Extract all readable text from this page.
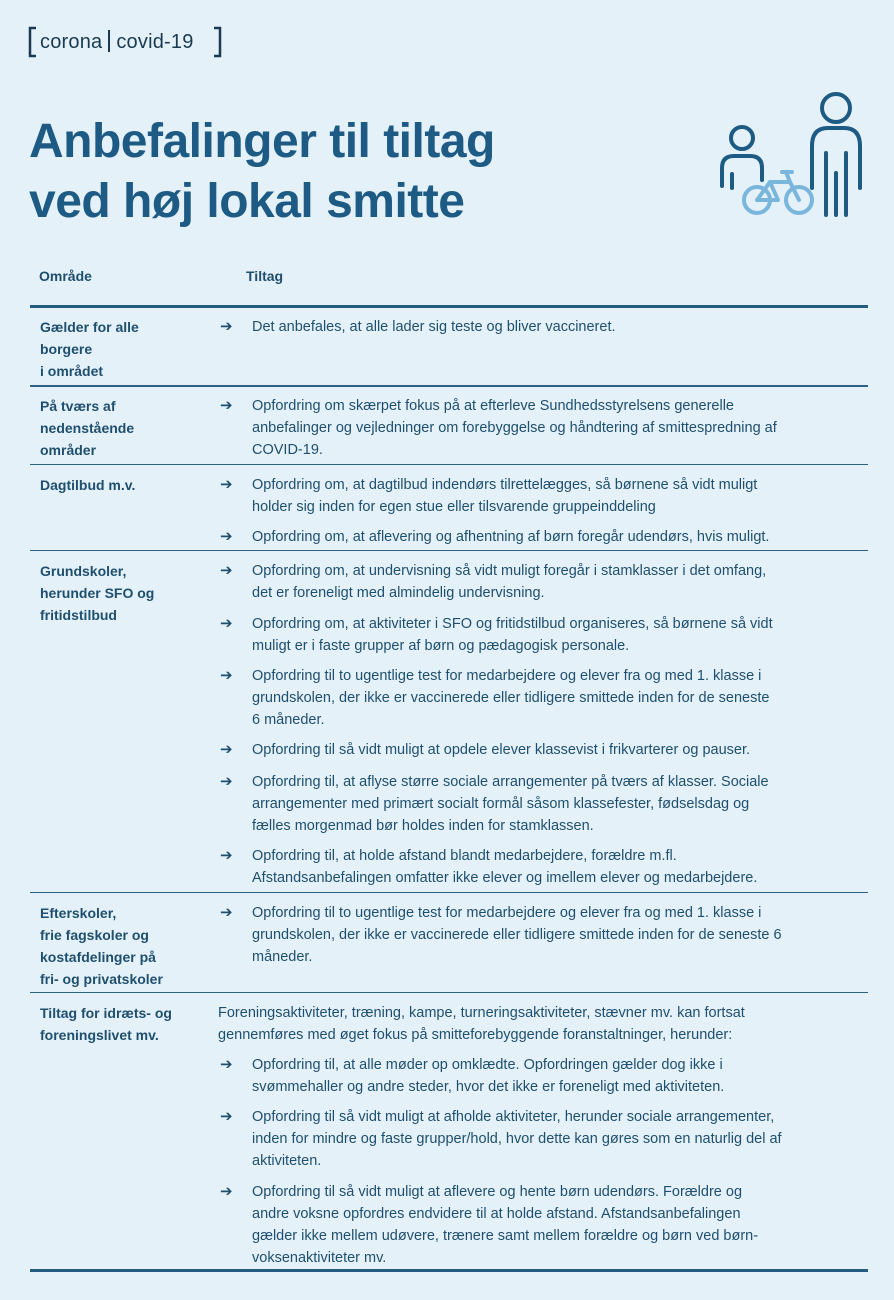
corona covid-19
Anbefalinger til tiltag
ved høj lokal smitte
Område	Tiltag
Gælder for alle
borgere
i området
➔ Det anbefales, at alle lader sig teste og bliver vaccineret.
På tværs af
nedenstående
områder
➔ Opfordring om skærpet fokus på at efterleve Sundhedsstyrelsens generelle
anbefalinger og vejledninger om forebyggelse og håndtering af smittespredning af
COVID-19.
Dagtilbud m.v.	➔ Opfordring om, at dagtilbud indendørs tilrettelægges, så børnene så vidt muligt
holder sig inden for egen stue eller tilsvarende gruppeinddeling
➔ Opfordring om, at aflevering og afhentning af børn foregår udendørs, hvis muligt.
Grundskoler,
herunder SFO og
fritidstilbud
➔ Opfordring om, at undervisning så vidt muligt foregår i stamklasser i det omfang,
det er foreneligt med almindelig undervisning.
➔ Opfordring om, at aktiviteter i SFO og fritidstilbud organiseres, så børnene så vidt
muligt er i faste grupper af børn og pædagogisk personale.
➔ Opfordring til to ugentlige test for medarbejdere og elever fra og med 1. klasse i
grundskolen, der ikke er vaccinerede eller tidligere smittede inden for de seneste
6 måneder.
➔ Opfordring til så vidt muligt at opdele elever klassevist i frikvarterer og pauser.
➔ Opfordring til, at aflyse større sociale arrangementer på tværs af klasser. Sociale
arrangementer med primært socialt formål såsom klassefester, fødselsdag og
fælles morgenmad bør holdes inden for stamklassen.
➔ Opfordring til, at holde afstand blandt medarbejdere, forældre m.fl.
Afstandsanbefalingen omfatter ikke elever og imellem elever og medarbejdere.
Efterskoler,
frie fagskoler og
kostafdelinger på
fri- og privatskoler
➔ Opfordring til to ugentlige test for medarbejdere og elever fra og med 1. klasse i
grundskolen, der ikke er vaccinerede eller tidligere smittede inden for de seneste 6
måneder.
Tiltag for idræts- og
foreningslivet mv.
Foreningsaktiviteter, træning, kampe, turneringsaktiviteter, stævner mv. kan fortsat
gennemføres med øget fokus på smitteforebyggende foranstaltninger, herunder:
➔ Opfordring til, at alle møder op omklædte. Opfordringen gælder dog ikke i
svømmehaller og andre steder, hvor det ikke er foreneligt med aktiviteten.
➔ Opfordring til så vidt muligt at afholde aktiviteter, herunder sociale arrangementer,
inden for mindre og faste grupper/hold, hvor dette kan gøres som en naturlig del af
aktiviteten.
➔ Opfordring til så vidt muligt at aflevere og hente børn udendørs. Forældre og
andre voksne opfordres endvidere til at holde afstand. Afstandsanbefalingen
gælder ikke mellem udøvere, trænere samt mellem forældre og børn ved børn-
voksenaktiviteter mv.
